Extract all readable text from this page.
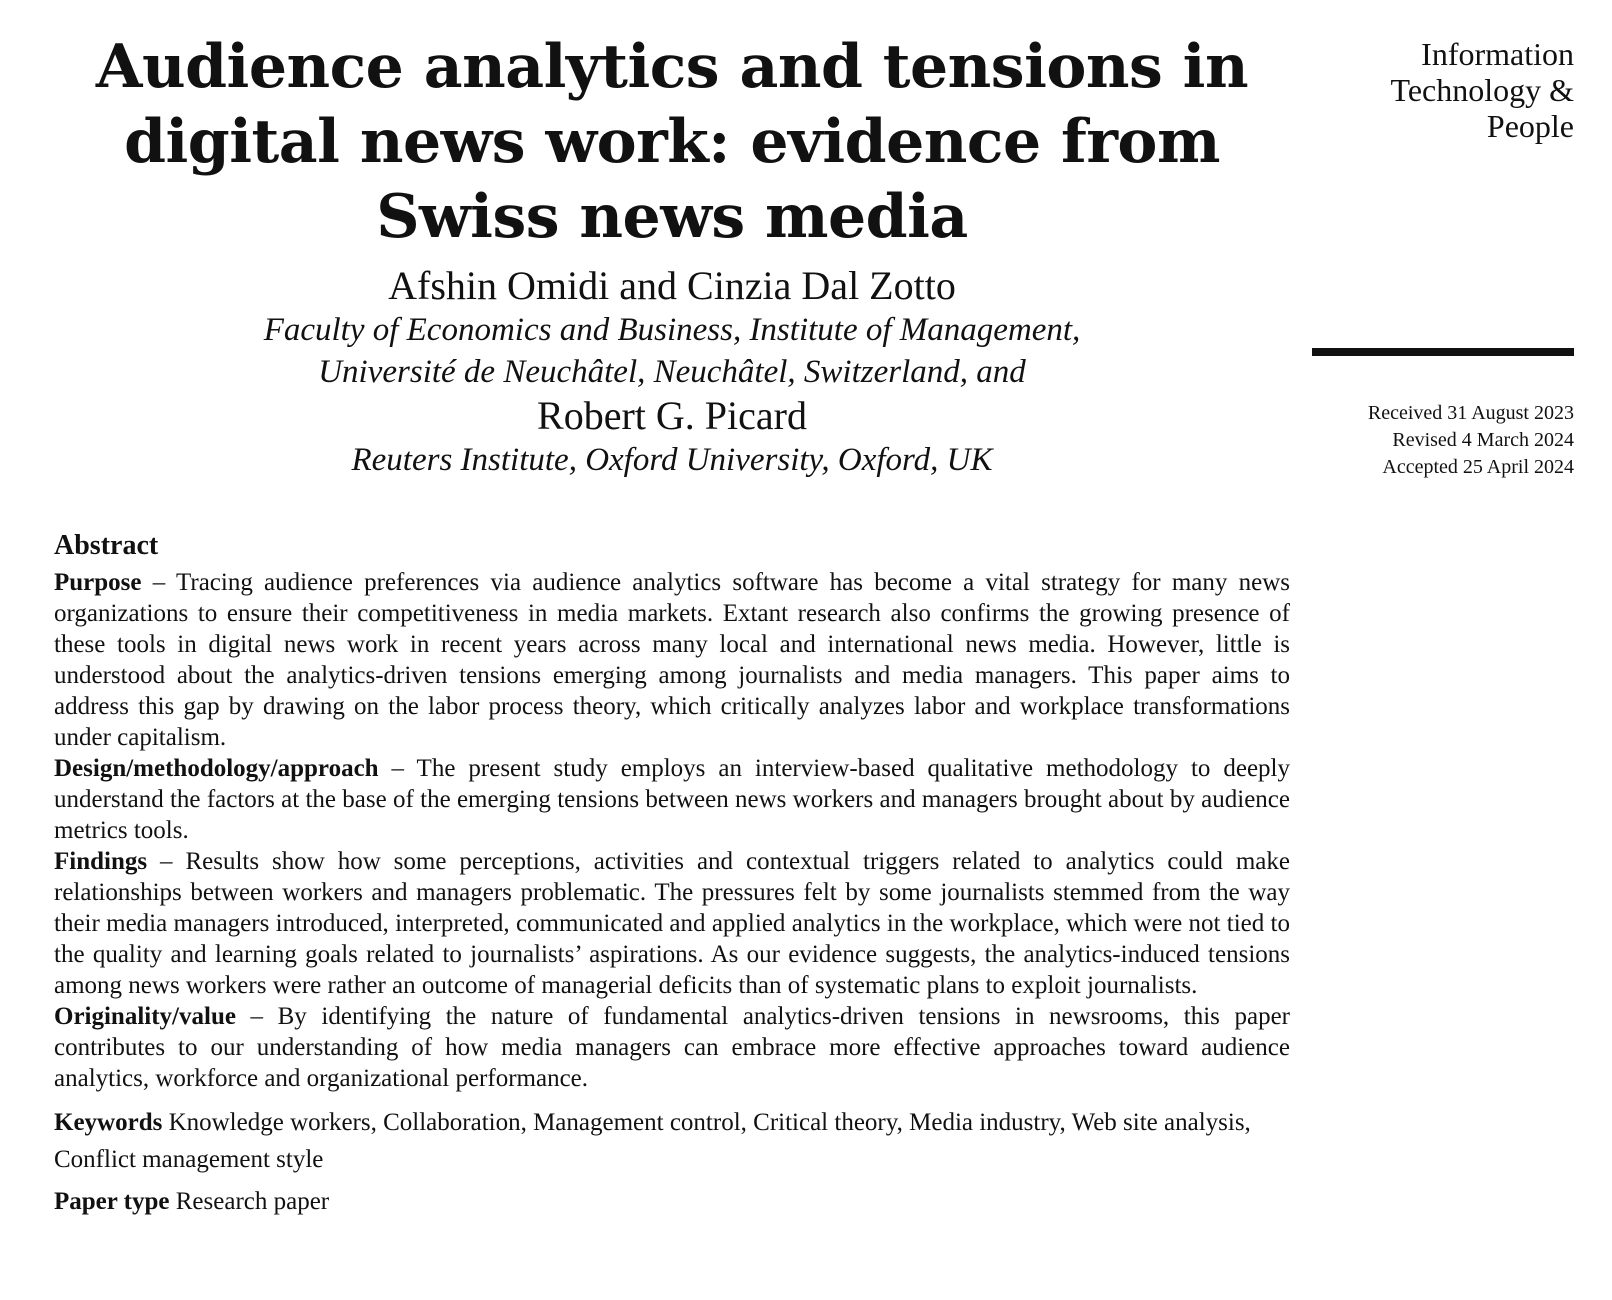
Audience analytics and tensions in digital news work: evidence from Swiss news media
Afshin Omidi and Cinzia Dal Zotto
Faculty of Economics and Business, Institute of Management,
Université de Neuchâtel, Neuchâtel, Switzerland, and
Robert G. Picard
Reuters Institute, Oxford University, Oxford, UK
Abstract

Purpose – Tracing audience preferences via audience analytics software has become a vital strategy for many news organizations to ensure their competitiveness in media markets. Extant research also confirms the growing presence of these tools in digital news work in recent years across many local and international news media. However, little is understood about the analytics-driven tensions emerging among journalists and media managers. This paper aims to address this gap by drawing on the labor process theory, which critically analyzes labor and workplace transformations under capitalism.

Design/methodology/approach – The present study employs an interview-based qualitative methodology to deeply understand the factors at the base of the emerging tensions between news workers and managers brought about by audience metrics tools.

Findings – Results show how some perceptions, activities and contextual triggers related to analytics could make relationships between workers and managers problematic. The pressures felt by some journalists stemmed from the way their media managers introduced, interpreted, communicated and applied analytics in the workplace, which were not tied to the quality and learning goals related to journalists’ aspirations. As our evidence suggests, the analytics-induced tensions among news workers were rather an outcome of managerial deficits than of systematic plans to exploit journalists.

Originality/value – By identifying the nature of fundamental analytics-driven tensions in newsrooms, this paper contributes to our understanding of how media managers can embrace more effective approaches toward audience analytics, workforce and organizational performance.

Keywords Knowledge workers, Collaboration, Management control, Critical theory, Media industry, Web site analysis, Conflict management style
Paper type Research paper
Information
Technology &
People
Received 31 August 2023
Revised 4 March 2024
Accepted 25 April 2024
